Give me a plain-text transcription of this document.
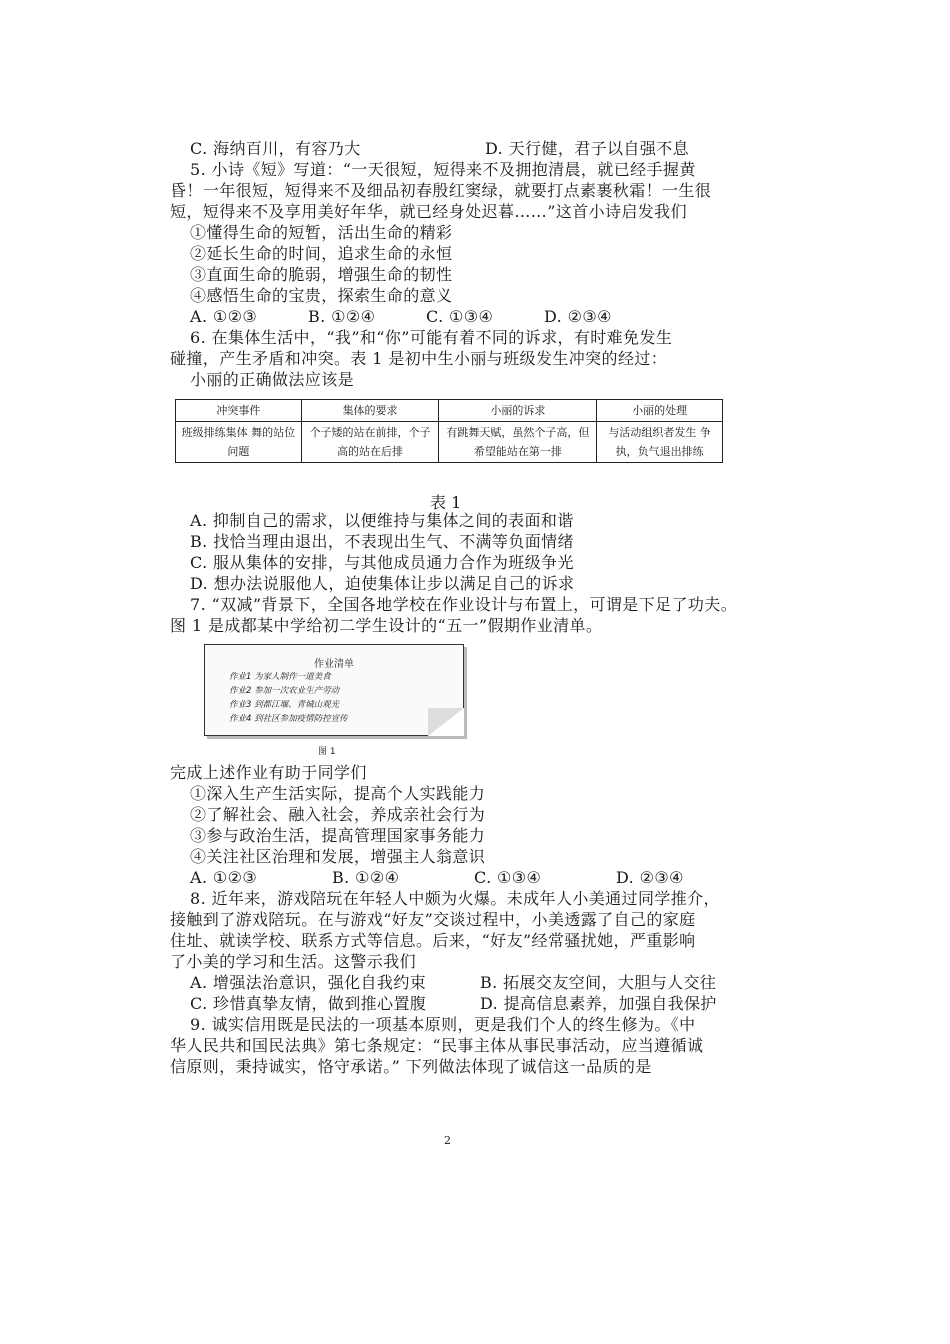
C. 海纳百川，有容乃大	D. 天行健，君子以自强不息
5. 小诗《短》写道：“一天很短，短得来不及拥抱清晨，就已经手握黄
昏！一年很短，短得来不及细品初春殷红窦绿，就要打点素裹秋霜！一生很
短，短得来不及享用美好年华，就已经身处迟暮……”这首小诗启发我们
①懂得生命的短暂，活出生命的精彩
②延长生命的时间，追求生命的永恒
③直面生命的脆弱，增强生命的韧性
④感悟生命的宝贵，探索生命的意义
A. ①②③	B. ①②④	C. ①③④	D. ②③④
6. 在集体生活中，“我”和“你”可能有着不同的诉求，有时难免发生
碰撞，产生矛盾和冲突。表 1 是初中生小丽与班级发生冲突的经过：
小丽的正确做法应该是
冲突事件	集体的要求	小丽的诉求	小丽的处理
班级排练集体 舞的站位问题	个子矮的站在前排，个子高的站在后排	有跳舞天赋，虽然个子高，但希望能站在第一排	与活动组织者发生 争执，负气退出排练
表 1
A. 抑制自己的需求，以便维持与集体之间的表面和谐
B. 找恰当理由退出，不表现出生气、不满等负面情绪
C. 服从集体的安排，与其他成员通力合作为班级争光
D. 想办法说服他人，迫使集体让步以满足自己的诉求
7. “双减”背景下，全国各地学校在作业设计与布置上，可谓是下足了功夫。
图 1 是成都某中学给初二学生设计的“五一”假期作业清单。
作业清单
作业1 为家人制作一道美食
作业2 参加一次农业生产劳动
作业3 到都江堰、青城山观光
作业4 到社区参加疫情防控宣传
图 1
完成上述作业有助于同学们
①深入生产生活实际，提高个人实践能力
②了解社会、融入社会，养成亲社会行为
③参与政治生活，提高管理国家事务能力
④关注社区治理和发展，增强主人翁意识
A. ①②③	B. ①②④	C. ①③④	D. ②③④
8. 近年来，游戏陪玩在年轻人中颇为火爆。未成年人小美通过同学推介，
接触到了游戏陪玩。在与游戏“好友”交谈过程中，小美透露了自己的家庭
住址、就读学校、联系方式等信息。后来，“好友”经常骚扰她，严重影响
了小美的学习和生活。这警示我们
A. 增强法治意识，强化自我约束	B. 拓展交友空间，大胆与人交往
C. 珍惜真挚友情，做到推心置腹	D. 提高信息素养，加强自我保护
9. 诚实信用既是民法的一项基本原则，更是我们个人的终生修为。《中
华人民共和国民法典》第七条规定：“民事主体从事民事活动，应当遵循诚
信原则，秉持诚实，恪守承诺。” 下列做法体现了诚信这一品质的是
2
